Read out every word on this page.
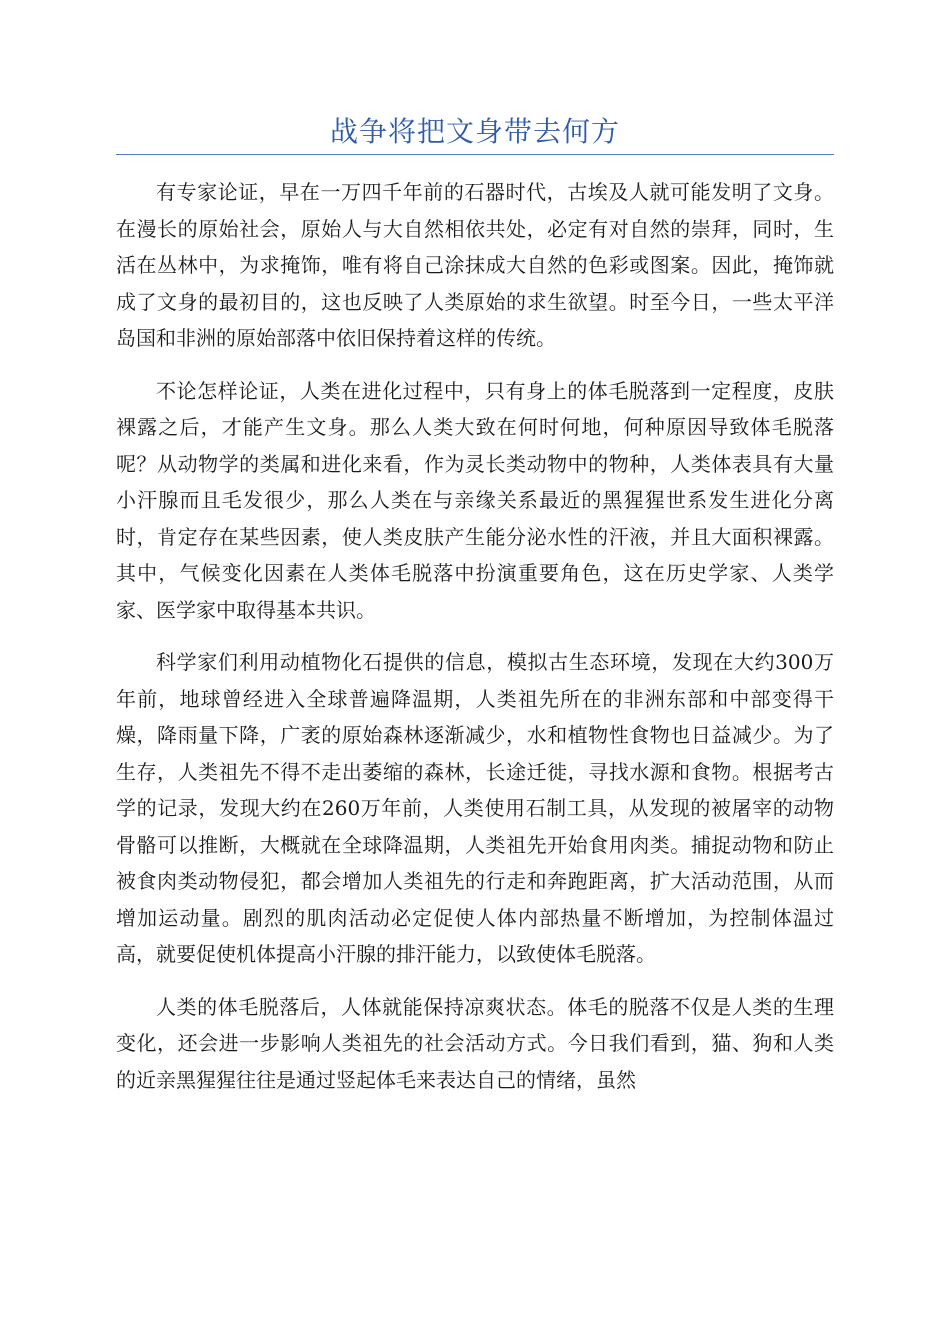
战争将把文身带去何方

有专家论证，早在一万四千年前的石器时代，古埃及人就可能发明了文身。在漫长的原始社会，原始人与大自然相依共处，必定有对自然的崇拜，同时，生活在丛林中，为求掩饰，唯有将自己涂抹成大自然的色彩或图案。因此，掩饰就成了文身的最初目的，这也反映了人类原始的求生欲望。时至今日，一些太平洋岛国和非洲的原始部落中依旧保持着这样的传统。

不论怎样论证，人类在进化过程中，只有身上的体毛脱落到一定程度，皮肤裸露之后，才能产生文身。那么人类大致在何时何地，何种原因导致体毛脱落呢？从动物学的类属和进化来看，作为灵长类动物中的物种，人类体表具有大量小汗腺而且毛发很少，那么人类在与亲缘关系最近的黑猩猩世系发生进化分离时，肯定存在某些因素，使人类皮肤产生能分泌水性的汗液，并且大面积裸露。其中，气候变化因素在人类体毛脱落中扮演重要角色，这在历史学家、人类学家、医学家中取得基本共识。

科学家们利用动植物化石提供的信息，模拟古生态环境，发现在大约300万年前，地球曾经进入全球普遍降温期，人类祖先所在的非洲东部和中部变得干燥，降雨量下降，广袤的原始森林逐渐减少，水和植物性食物也日益减少。为了生存，人类祖先不得不走出萎缩的森林，长途迁徙，寻找水源和食物。根据考古学的记录，发现大约在260万年前，人类使用石制工具，从发现的被屠宰的动物骨骼可以推断，大概就在全球降温期，人类祖先开始食用肉类。捕捉动物和防止被食肉类动物侵犯，都会增加人类祖先的行走和奔跑距离，扩大活动范围，从而增加运动量。剧烈的肌肉活动必定促使人体内部热量不断增加，为控制体温过高，就要促使机体提高小汗腺的排汗能力，以致使体毛脱落。

人类的体毛脱落后，人体就能保持凉爽状态。体毛的脱落不仅是人类的生理变化，还会进一步影响人类祖先的社会活动方式。今日我们看到，猫、狗和人类的近亲黑猩猩往往是通过竖起体毛来表达自己的情绪，虽然
